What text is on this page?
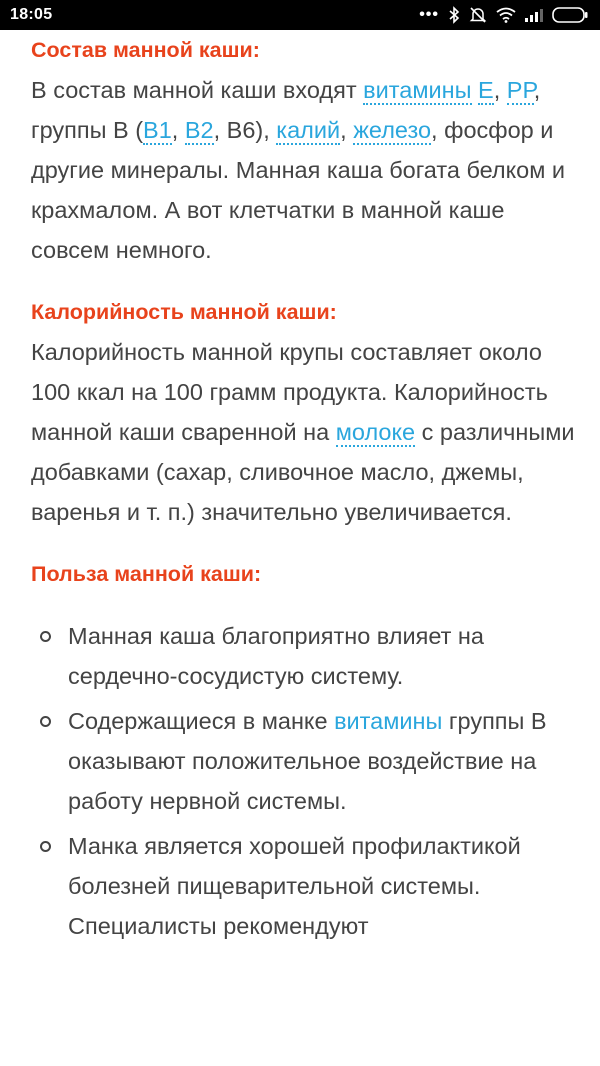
18:05	•••
Состав манной каши:

В состав манной каши входят витамины Е, РР, группы В (В1, В2, В6), калий, железо, фосфор и другие минералы. Манная каша богата белком и крахмалом. А вот клетчатки в манной каше совсем немного.

Калорийность манной каши:

Калорийность манной крупы составляет около 100 ккал на 100 грамм продукта. Калорийность манной каши сваренной на молоке с различными добавками (сахар, сливочное масло, джемы, варенья и т. п.) значительно увеличивается.

Польза манной каши:
Манная каша благоприятно влияет на сердечно-сосудистую систему.
Содержащиеся в манке витамины группы В оказывают положительное воздействие на работу нервной системы.
Манка является хорошей профилактикой болезней пищеварительной системы. Специалисты рекомендуют
